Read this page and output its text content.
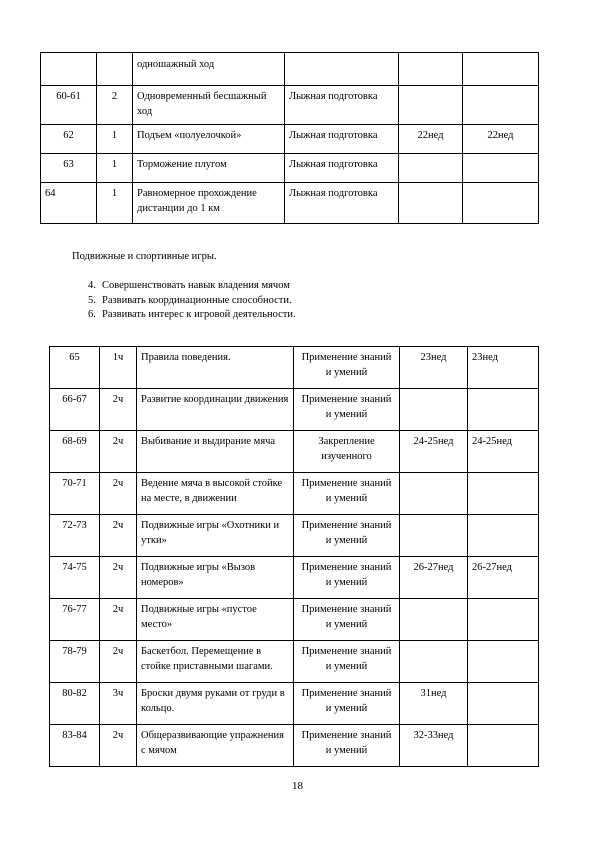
		одношажный ход			
60-61	2	Одновременный бесшажный ход	Лыжная подготовка		
62	1	Подъем «полуелочкой»	Лыжная подготовка	22нед	22нед
63	1	Торможение плугом	Лыжная подготовка		
64	1	Равномерное прохождение дистанции до 1 км	Лыжная подготовка		
Подвижные и спортивные игры.
4. Совершенствовать навык владения мячом
5. Развивать координационные способности.
6. Развивать интерес к игровой деятельности.
65	1ч	Правила поведения.	Применение знаний и умений	23нед	23нед
66-67	2ч	Развитие координации движения	Применение знаний и умений		
68-69	2ч	Выбивание и выдирание мяча	Закрепление изученного	24-25нед	24-25нед
70-71	2ч	Ведение мяча в высокой стойке на месте, в движении	Применение знаний и умений		
72-73	2ч	Подвижные игры «Охотники и утки»	Применение знаний и умений		
74-75	2ч	Подвижные игры «Вызов номеров»	Применение знаний и умений	26-27нед	26-27нед
76-77	2ч	Подвижные игры «пустое место»	Применение знаний и умений		
78-79	2ч	Баскетбол. Перемещение в стойке приставными шагами.	Применение знаний и умений		
80-82	3ч	Броски двумя руками от груди в кольцо.	Применение знаний и умений	31нед	
83-84	2ч	Общеразвивающие упражнения с мячом	Применение знаний и умений	32-33нед	
18
